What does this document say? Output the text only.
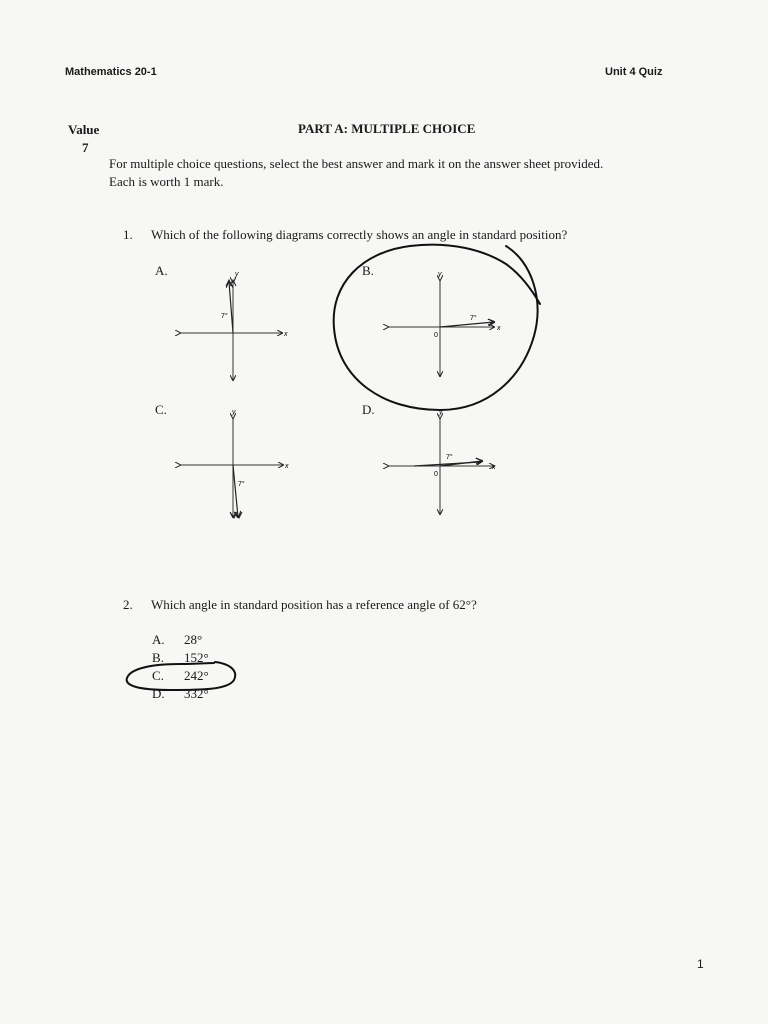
Mathematics 20-1	Unit 4 Quiz
Value
7
PART A: MULTIPLE CHOICE
For multiple choice questions, select the best answer and mark it on the answer sheet provided.
Each is worth 1 mark.
1. Which of the following diagrams correctly shows an angle in standard position?
A.	B.
C.	D.
y
x
7°
y
x
0
7°
y
x
7°
y
x
0
7°
2. Which angle in standard position has a reference angle of 62°?
A. 28°
B. 152°
C. 242°
D. 332°
1
